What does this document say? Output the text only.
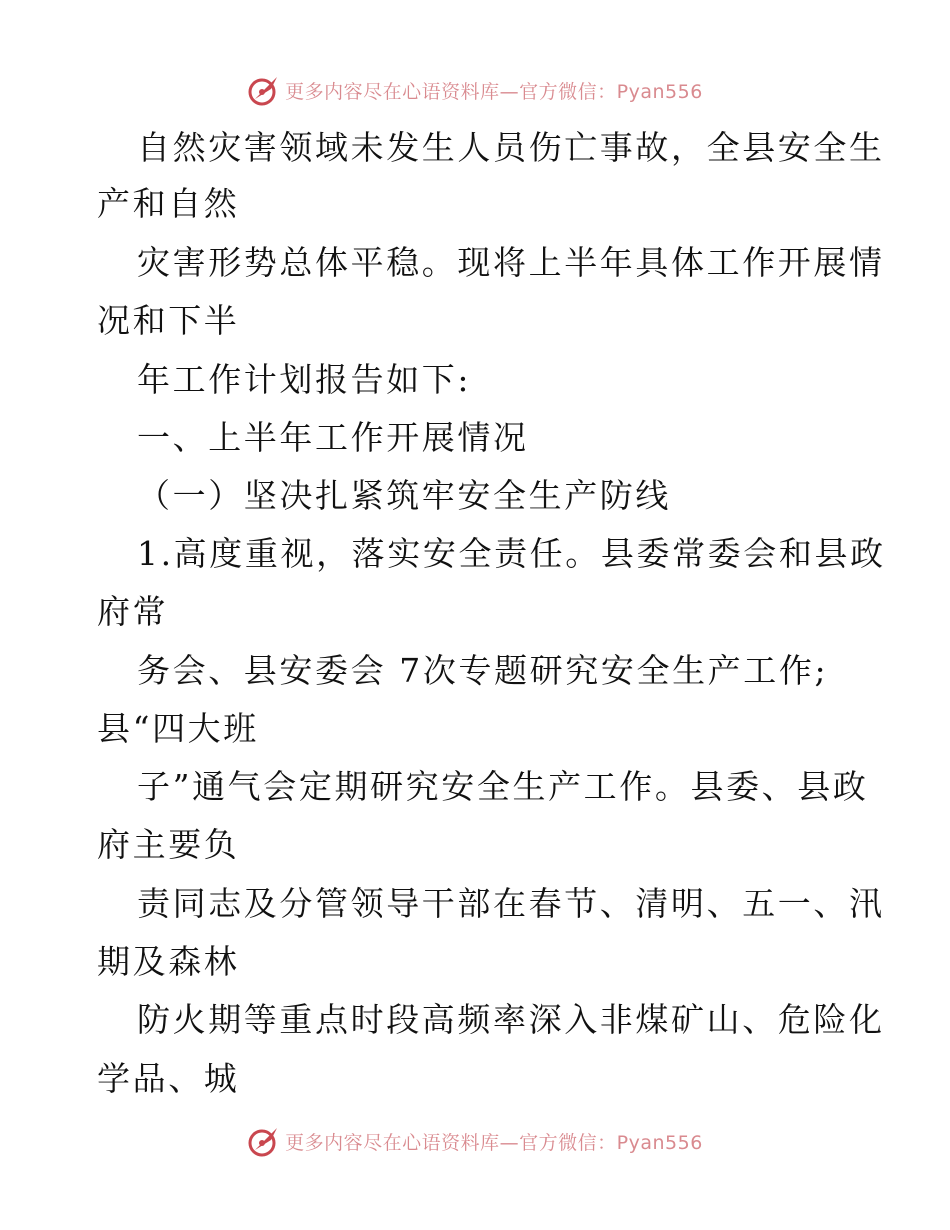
更多内容尽在心语资料库—官方微信：Pyan556
自然灾害领域未发生人员伤亡事故，全县安全生
产和自然
灾害形势总体平稳。现将上半年具体工作开展情
况和下半
年工作计划报告如下:
一、上半年工作开展情况
（一）坚决扎紧筑牢安全生产防线
1.高度重视，落实安全责任。县委常委会和县政
府常
务会、县安委会 7次专题研究安全生产工作;
县“四大班
子”通气会定期研究安全生产工作。县委、县政
府主要负
责同志及分管领导干部在春节、清明、五一、汛
期及森林
防火期等重点时段高频率深入非煤矿山、危险化
学品、城
更多内容尽在心语资料库—官方微信：Pyan556
